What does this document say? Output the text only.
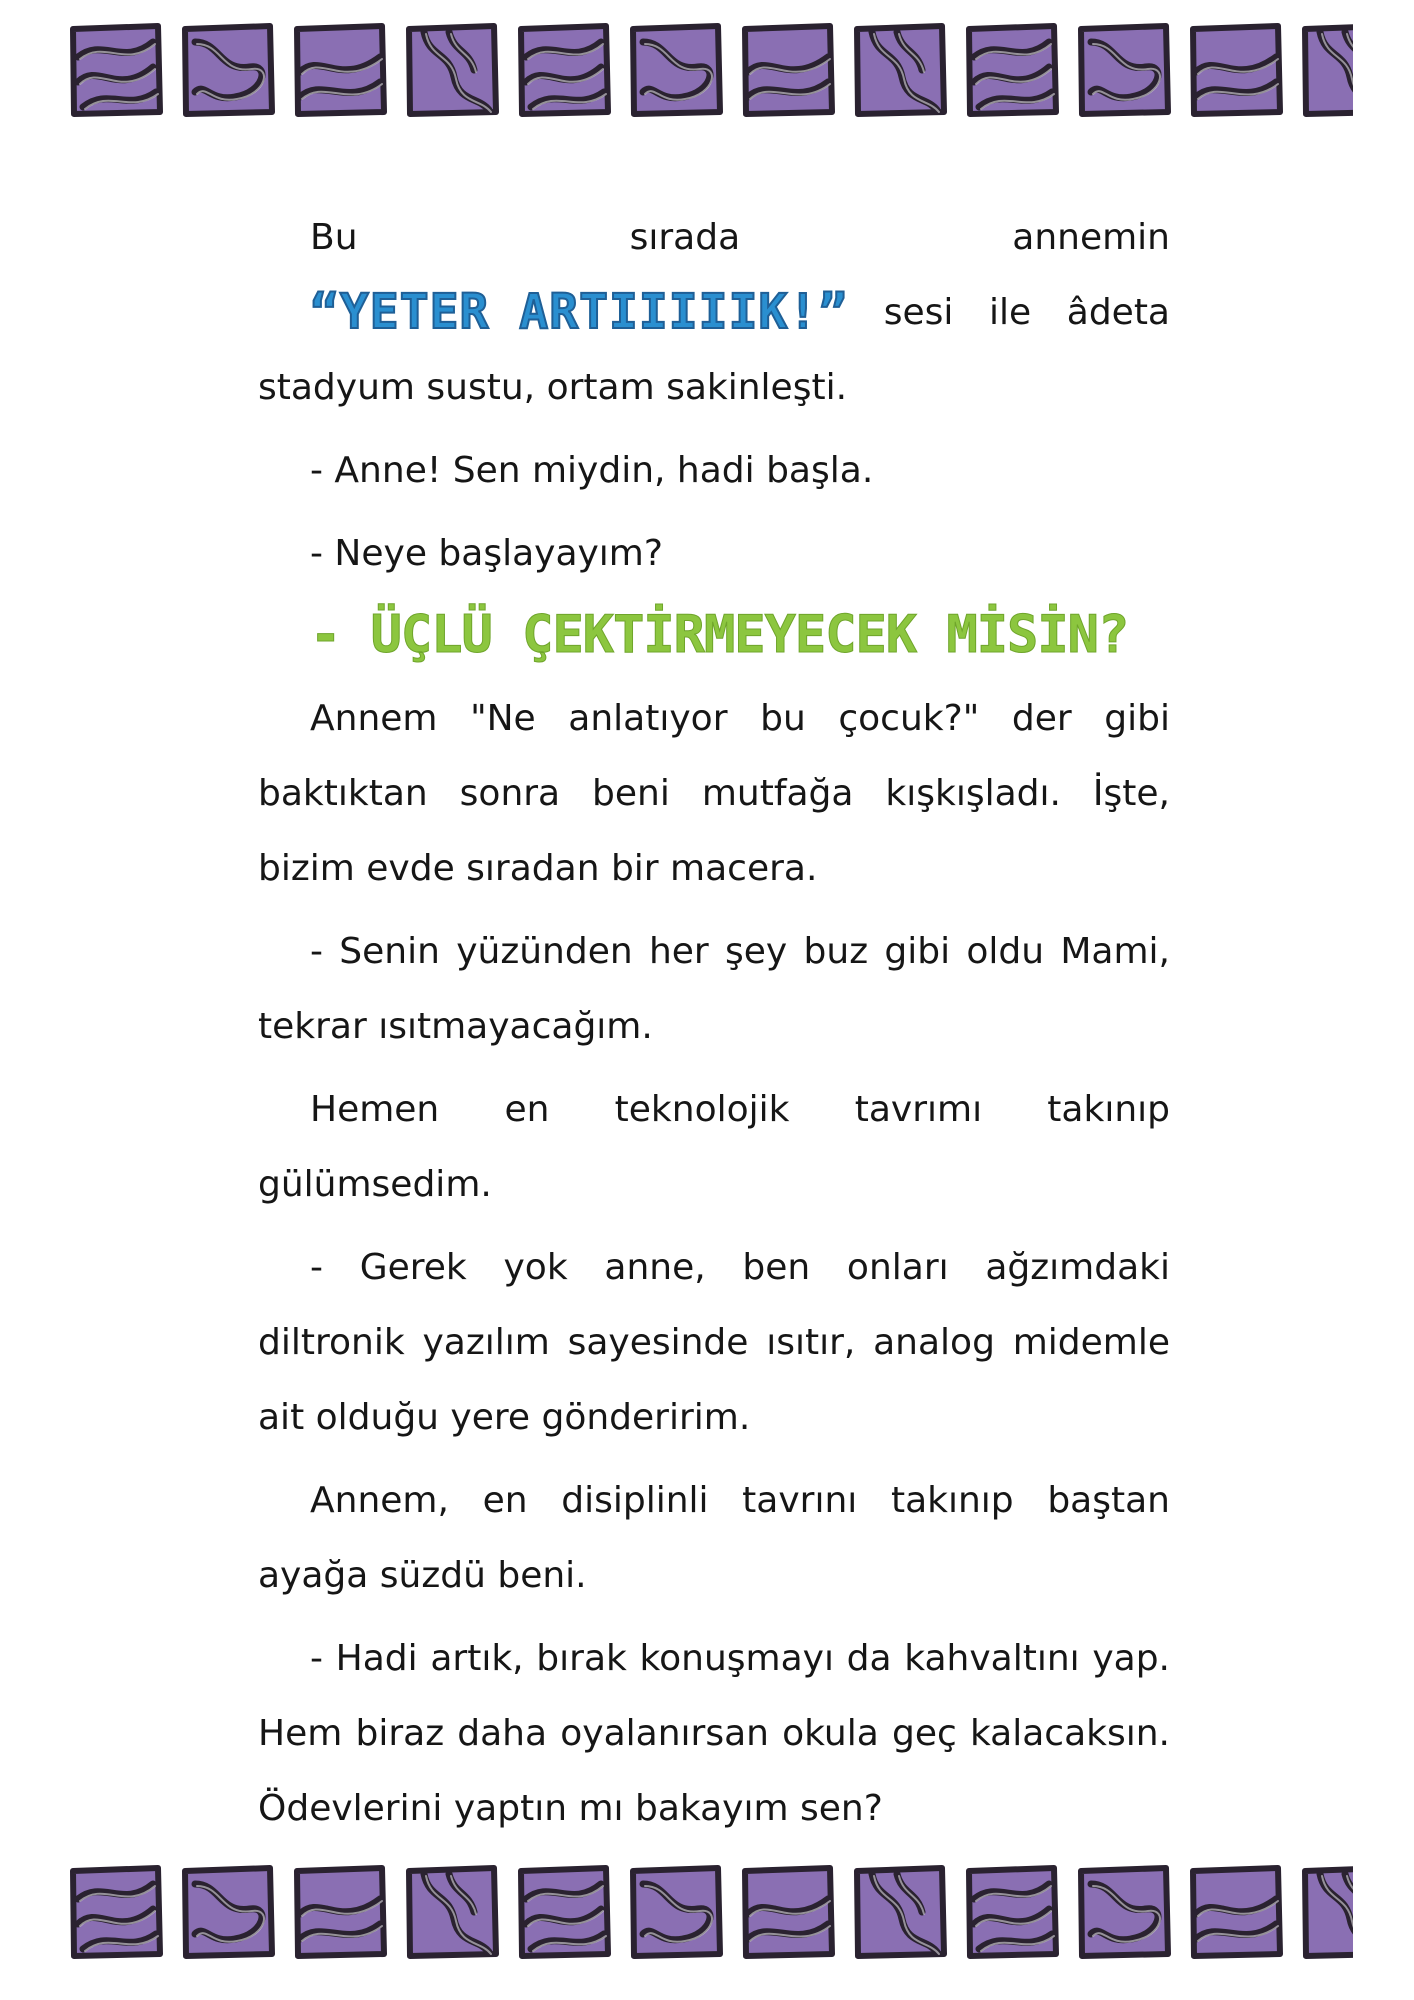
Bu sırada annemin “YETER ARTIIIIIK!” sesi ile âdeta stadyum sustu, ortam sakinleşti.

- Anne! Sen miydin, hadi başla.

- Neye başlayayım?

- ÜÇLÜ ÇEKTİRMEYECEK MİSİN?

Annem "Ne anlatıyor bu çocuk?" der gibi baktıktan sonra beni mutfağa kışkışladı. İşte, bizim evde sıradan bir macera.

- Senin yüzünden her şey buz gibi oldu Mami, tekrar ısıtmayacağım.

Hemen en teknolojik tavrımı takınıp gülümsedim.

- Gerek yok anne, ben onları ağzımdaki diltronik yazılım sayesinde ısıtır, analog midemle ait olduğu yere gönderirim.

Annem, en disiplinli tavrını takınıp baştan ayağa süzdü beni.

- Hadi artık, bırak konuşmayı da kahvaltını yap. Hem biraz daha oyalanırsan okula geç kalacaksın. Ödevlerini yaptın mı bakayım sen?
